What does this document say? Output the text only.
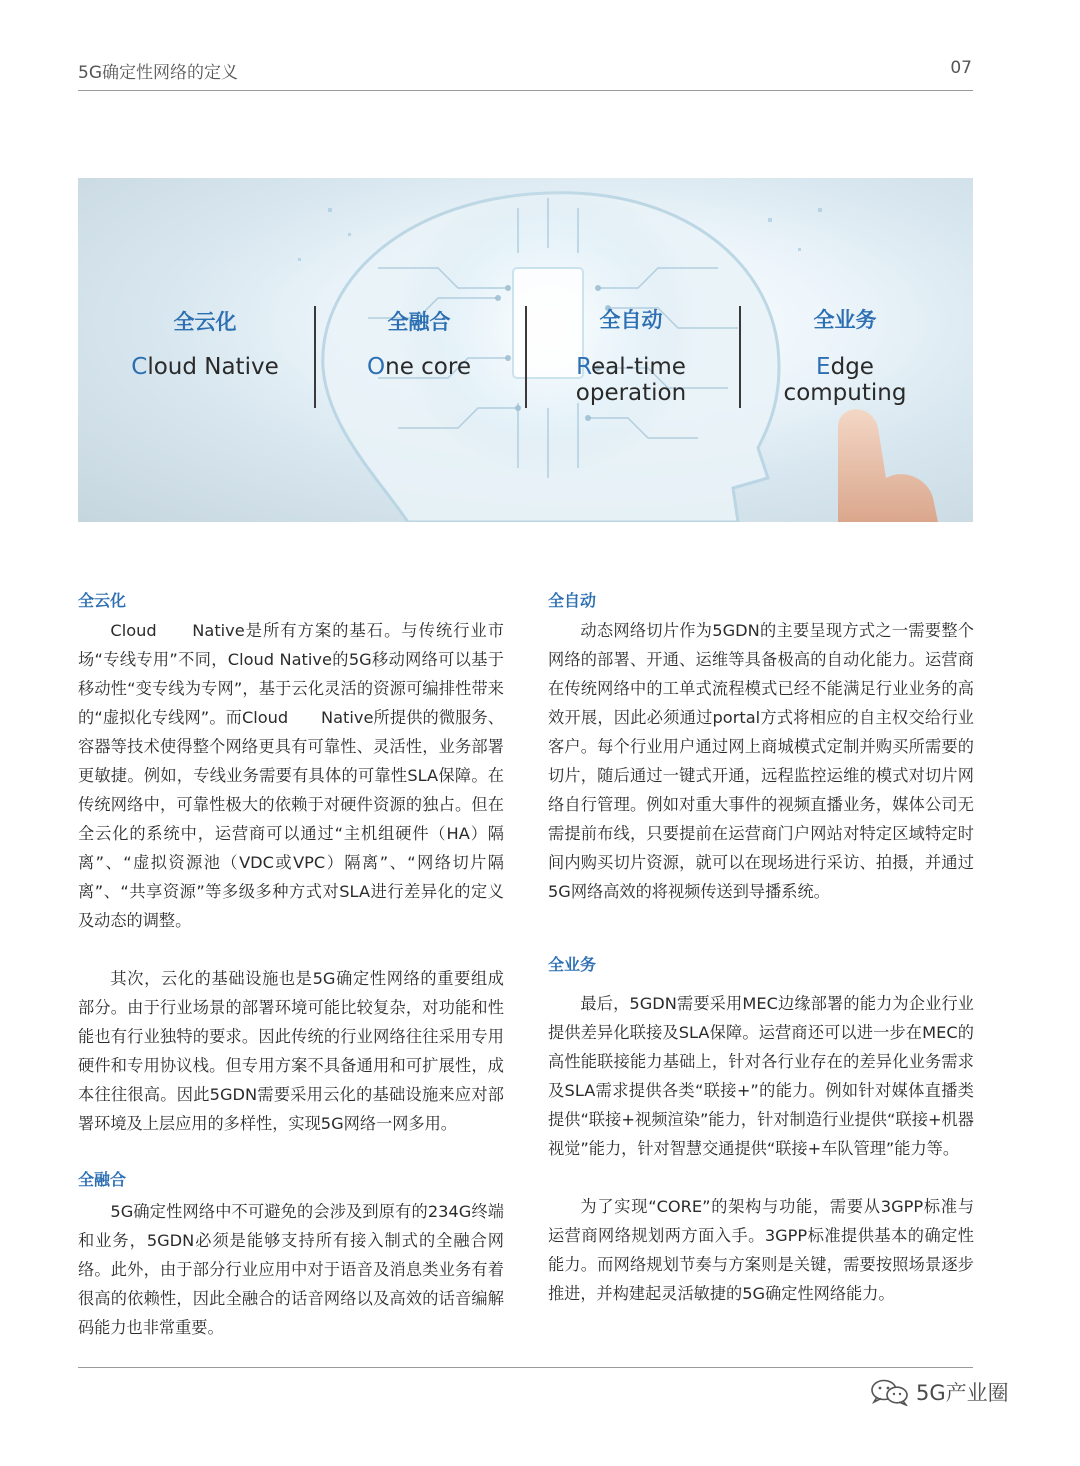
5G确定性网络的定义	07
全云化
Cloud Native
全融合
One core
全自动
Real-time
operation
全业务
Edge
computing
全云化

Cloud　　Native是所有方案的基石。与传统行业市场“专线专用”不同，Cloud Native的5G移动网络可以基于移动性“变专线为专网”，基于云化灵活的资源可编排性带来的“虚拟化专线网”。而Cloud　　Native所提供的微服务、容器等技术使得整个网络更具有可靠性、灵活性，业务部署更敏捷。例如，专线业务需要有具体的可靠性SLA保障。在传统网络中，可靠性极大的依赖于对硬件资源的独占。但在全云化的系统中，运营商可以通过“主机组硬件（HA）隔离”、“虚拟资源池（VDC或VPC）隔离”、“网络切片隔离”、“共享资源”等多级多种方式对SLA进行差异化的定义及动态的调整。

其次，云化的基础设施也是5G确定性网络的重要组成部分。由于行业场景的部署环境可能比较复杂，对功能和性能也有行业独特的要求。因此传统的行业网络往往采用专用硬件和专用协议栈。但专用方案不具备通用和可扩展性，成本往往很高。因此5GDN需要采用云化的基础设施来应对部署环境及上层应用的多样性，实现5G网络一网多用。

全融合

5G确定性网络中不可避免的会涉及到原有的234G终端和业务，5GDN必须是能够支持所有接入制式的全融合网络。此外，由于部分行业应用中对于语音及消息类业务有着很高的依赖性，因此全融合的话音网络以及高效的话音编解码能力也非常重要。

全自动

动态网络切片作为5GDN的主要呈现方式之一需要整个网络的部署、开通、运维等具备极高的自动化能力。运营商在传统网络中的工单式流程模式已经不能满足行业业务的高效开展，因此必须通过portal方式将相应的自主权交给行业客户。每个行业用户通过网上商城模式定制并购买所需要的切片，随后通过一键式开通，远程监控运维的模式对切片网络自行管理。例如对重大事件的视频直播业务，媒体公司无需提前布线，只要提前在运营商门户网站对特定区域特定时间内购买切片资源，就可以在现场进行采访、拍摄，并通过5G网络高效的将视频传送到导播系统。

全业务

最后，5GDN需要采用MEC边缘部署的能力为企业行业提供差异化联接及SLA保障。运营商还可以进一步在MEC的高性能联接能力基础上，针对各行业存在的差异化业务需求及SLA需求提供各类“联接+”的能力。例如针对媒体直播类提供“联接+视频渲染”能力，针对制造行业提供“联接+机器视觉”能力，针对智慧交通提供“联接+车队管理”能力等。

为了实现“CORE”的架构与功能，需要从3GPP标准与运营商网络规划两方面入手。3GPP标准提供基本的确定性能力。而网络规划节奏与方案则是关键，需要按照场景逐步推进，并构建起灵活敏捷的5G确定性网络能力。

5G产业圈
